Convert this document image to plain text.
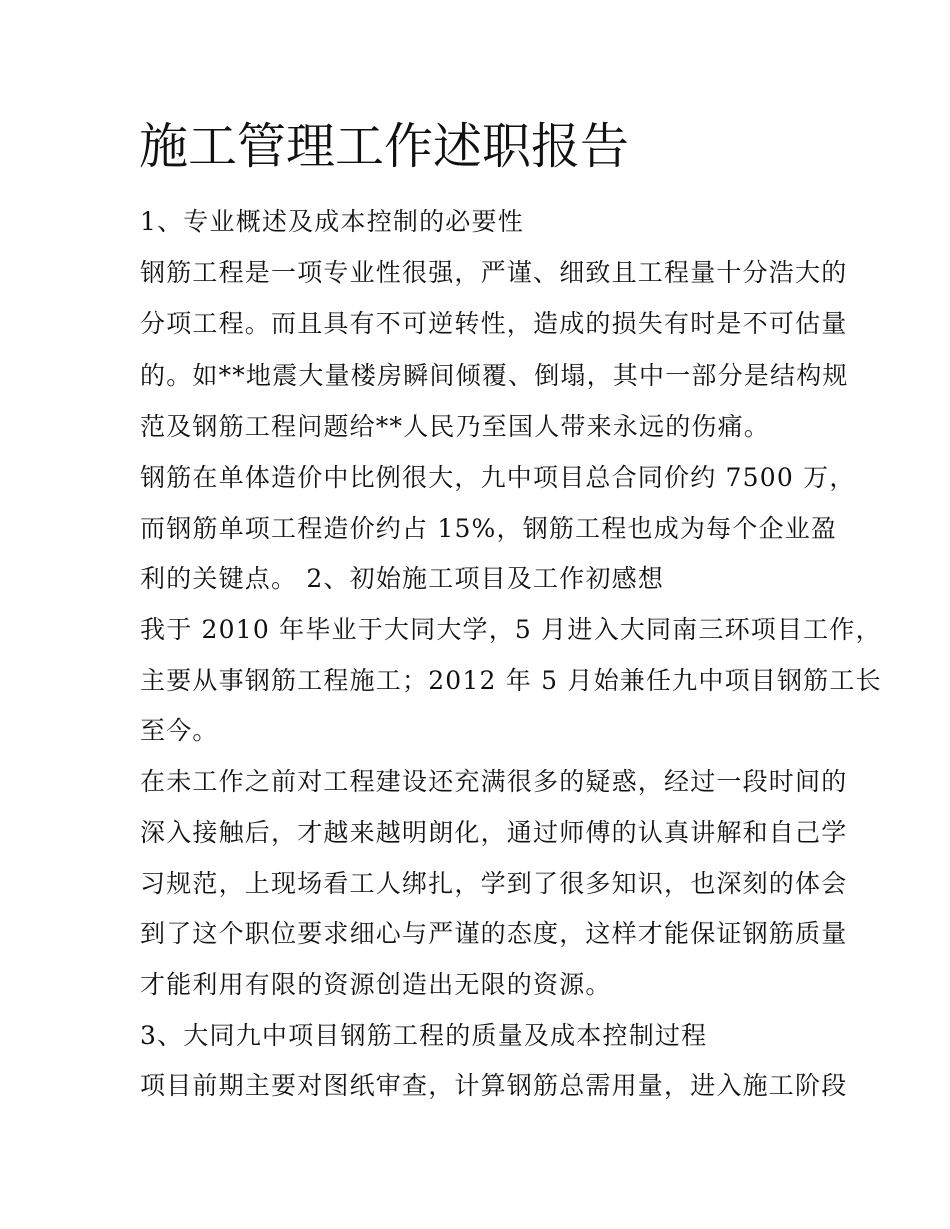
施工管理工作述职报告
1、专业概述及成本控制的必要性
钢筋工程是一项专业性很强，严谨、细致且工程量十分浩大的
分项工程。而且具有不可逆转性，造成的损失有时是不可估量
的。如**地震大量楼房瞬间倾覆、倒塌，其中一部分是结构规
范及钢筋工程问题给**人民乃至国人带来永远的伤痛。
钢筋在单体造价中比例很大，九中项目总合同价约 7500 万，
而钢筋单项工程造价约占 15%，钢筋工程也成为每个企业盈
利的关键点。 2、初始施工项目及工作初感想
我于 2010 年毕业于大同大学，5 月进入大同南三环项目工作，
主要从事钢筋工程施工；2012 年 5 月始兼任九中项目钢筋工长
至今。
在未工作之前对工程建设还充满很多的疑惑，经过一段时间的
深入接触后，才越来越明朗化，通过师傅的认真讲解和自己学
习规范，上现场看工人绑扎，学到了很多知识，也深刻的体会
到了这个职位要求细心与严谨的态度，这样才能保证钢筋质量
才能利用有限的资源创造出无限的资源。
3、大同九中项目钢筋工程的质量及成本控制过程
项目前期主要对图纸审查，计算钢筋总需用量，进入施工阶段
